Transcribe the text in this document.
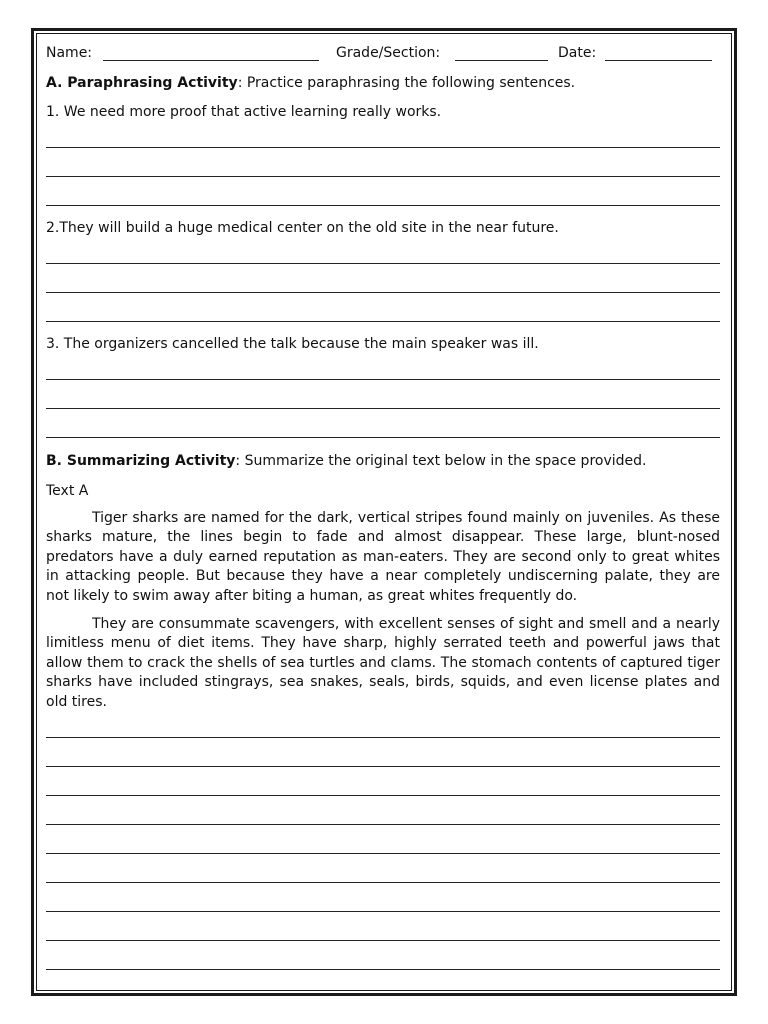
Name:	Grade/Section:	Date:
A. Paraphrasing Activity: Practice paraphrasing the following sentences.
1. We need more proof that active learning really works.
2.They will build a huge medical center on the old site in the near future.
3. The organizers cancelled the talk because the main speaker was ill.
B. Summarizing Activity: Summarize the original text below in the space provided.
Text A
Tiger sharks are named for the dark, vertical stripes found mainly on juveniles. As these sharks mature, the lines begin to fade and almost disappear. These large, blunt-nosed predators have a duly earned reputation as man-eaters. They are second only to great whites in attacking people. But because they have a near completely undiscerning palate, they are not likely to swim away after biting a human, as great whites frequently do.
They are consummate scavengers, with excellent senses of sight and smell and a nearly limitless menu of diet items. They have sharp, highly serrated teeth and powerful jaws that allow them to crack the shells of sea turtles and clams. The stomach contents of captured tiger sharks have included stingrays, sea snakes, seals, birds, squids, and even license plates and old tires.
